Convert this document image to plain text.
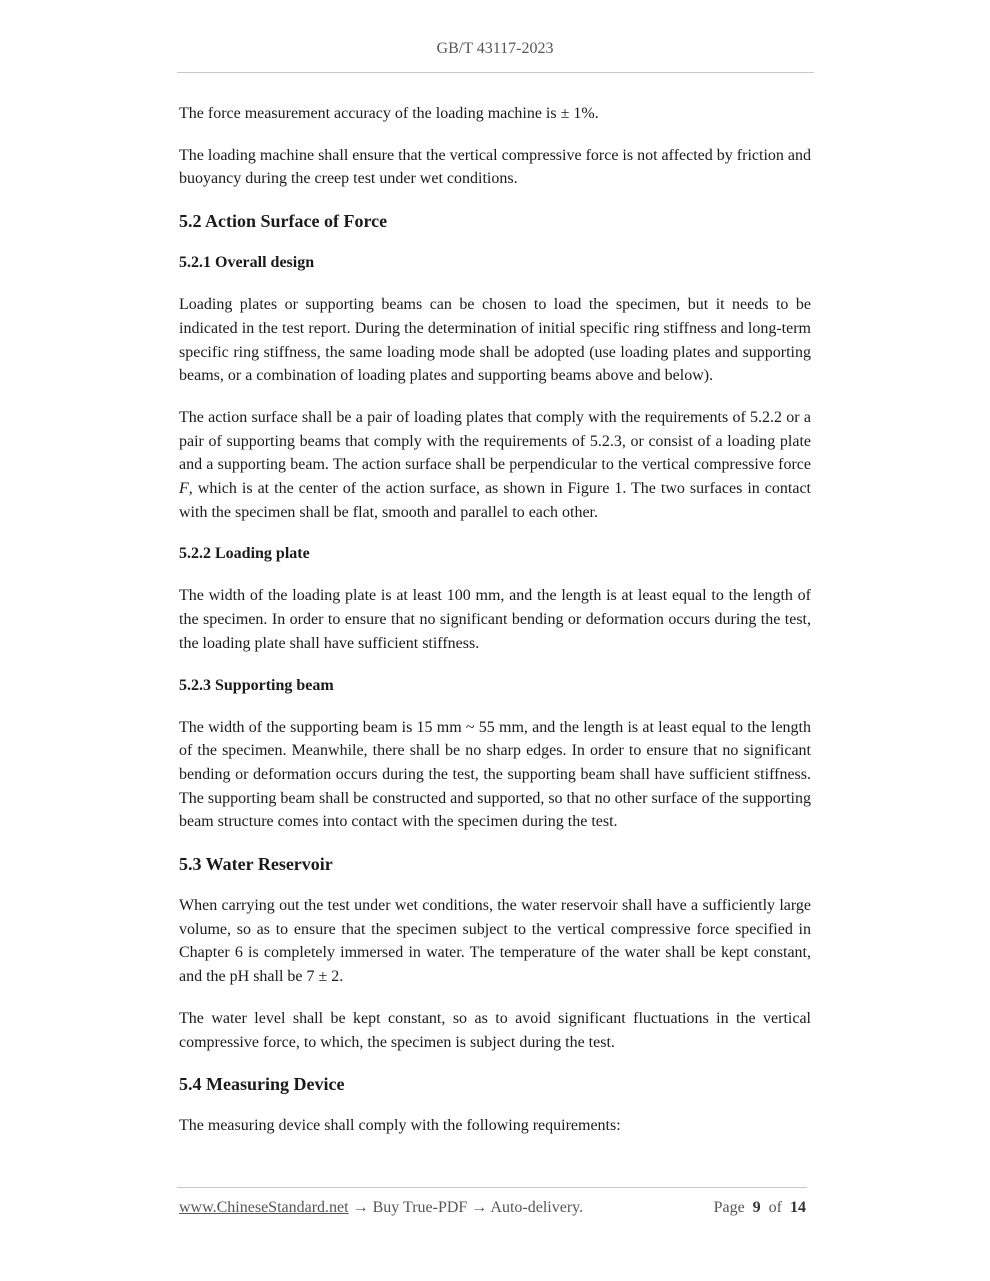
GB/T 43117-2023

The force measurement accuracy of the loading machine is ± 1%.

The loading machine shall ensure that the vertical compressive force is not affected by friction and buoyancy during the creep test under wet conditions.

5.2 Action Surface of Force
5.2.1 Overall design

Loading plates or supporting beams can be chosen to load the specimen, but it needs to be indicated in the test report. During the determination of initial specific ring stiffness and long-term specific ring stiffness, the same loading mode shall be adopted (use loading plates and supporting beams, or a combination of loading plates and supporting beams above and below).

The action surface shall be a pair of loading plates that comply with the requirements of 5.2.2 or a pair of supporting beams that comply with the requirements of 5.2.3, or consist of a loading plate and a supporting beam. The action surface shall be perpendicular to the vertical compressive force F, which is at the center of the action surface, as shown in Figure 1. The two surfaces in contact with the specimen shall be flat, smooth and parallel to each other.

5.2.2 Loading plate

The width of the loading plate is at least 100 mm, and the length is at least equal to the length of the specimen. In order to ensure that no significant bending or deformation occurs during the test, the loading plate shall have sufficient stiffness.

5.2.3 Supporting beam

The width of the supporting beam is 15 mm ~ 55 mm, and the length is at least equal to the length of the specimen. Meanwhile, there shall be no sharp edges. In order to ensure that no significant bending or deformation occurs during the test, the supporting beam shall have sufficient stiffness. The supporting beam shall be constructed and supported, so that no other surface of the supporting beam structure comes into contact with the specimen during the test.

5.3 Water Reservoir

When carrying out the test under wet conditions, the water reservoir shall have a sufficiently large volume, so as to ensure that the specimen subject to the vertical compressive force specified in Chapter 6 is completely immersed in water. The temperature of the water shall be kept constant, and the pH shall be 7 ± 2.

The water level shall be kept constant, so as to avoid significant fluctuations in the vertical compressive force, to which, the specimen is subject during the test.

5.4 Measuring Device

The measuring device shall comply with the following requirements:

www.ChineseStandard.net → Buy True-PDF → Auto-delivery.	Page 9 of 14
